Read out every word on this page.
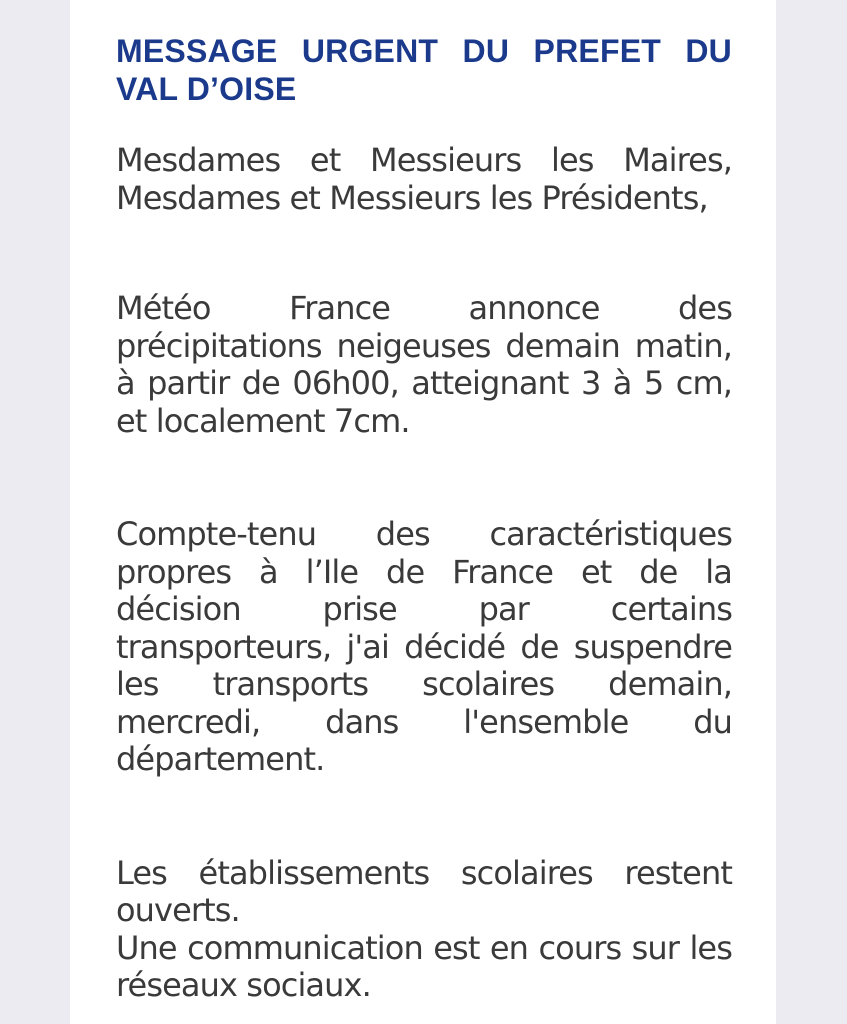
MESSAGE URGENT DU PREFET DU VAL D’OISE

Mesdames et Messieurs les Maires, Mesdames et Messieurs les Présidents,

Météo France annonce des précipitations neigeuses demain matin, à partir de 06h00, atteignant 3 à 5 cm, et localement 7cm.

Compte-tenu des caractéristiques propres à l’Ile de France et de la décision prise par certains transporteurs, j'ai décidé de suspendre les transports scolaires demain, mercredi, dans l'ensemble du département.

Les établissements scolaires restent ouverts.

Une communication est en cours sur les réseaux sociaux.
